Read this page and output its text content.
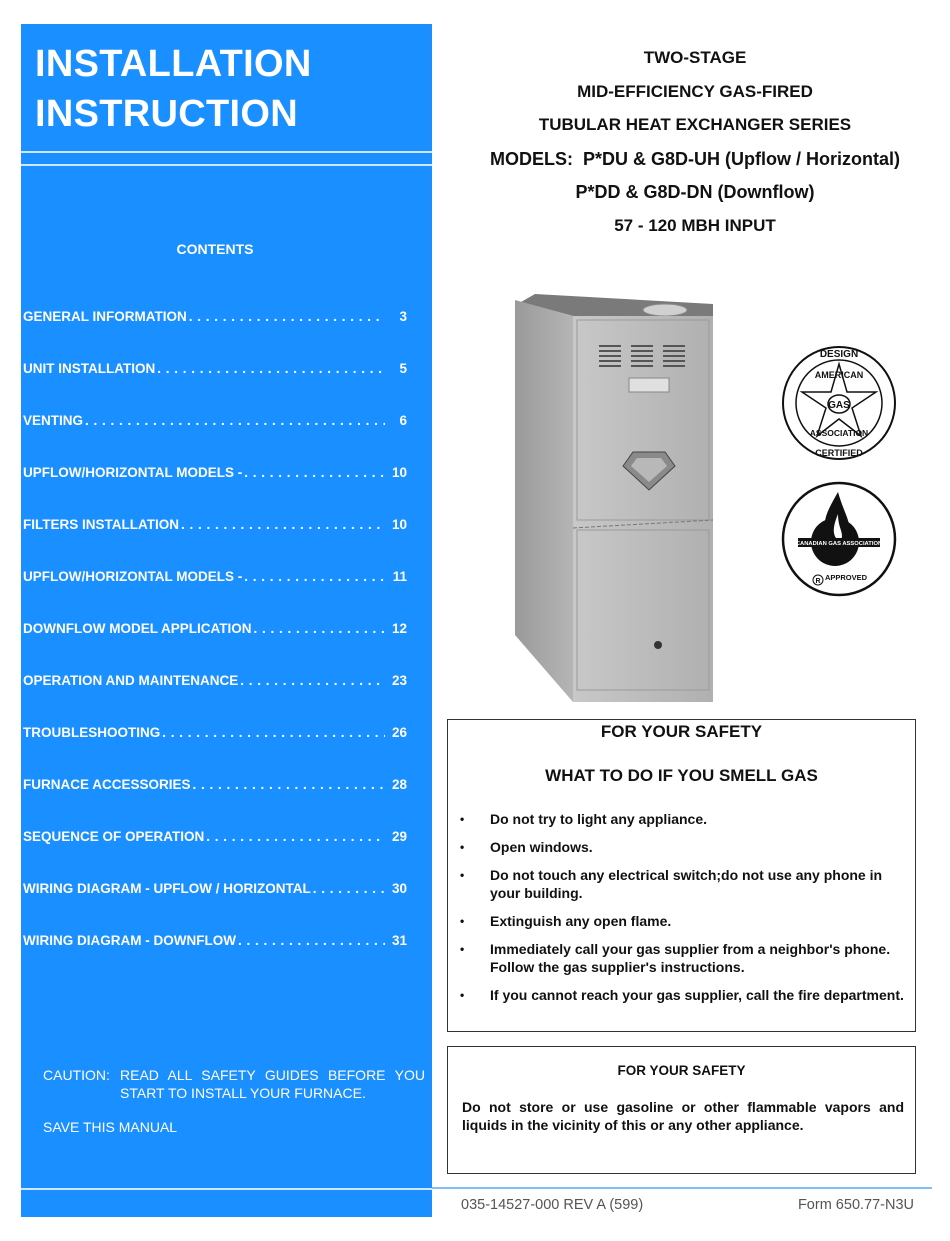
INSTALLATION
INSTRUCTION
CONTENTS
GENERAL INFORMATION . . .	3
UNIT INSTALLATION . . .	5
VENTING . . .	6
UPFLOW/HORIZONTAL MODELS - . . .	10
FILTERS INSTALLATION . . .	10
UPFLOW/HORIZONTAL MODELS - . . .	11
DOWNFLOW MODEL APPLICATION . . .	12
OPERATION AND MAINTENANCE . . .	23
TROUBLESHOOTING . . .	26
FURNACE ACCESSORIES . . .	28
SEQUENCE OF OPERATION . . .	29
WIRING DIAGRAM - UPFLOW / HORIZONTAL . . .	30
WIRING DIAGRAM - DOWNFLOW . . .	31
CAUTION: READ ALL SAFETY GUIDES BEFORE YOU START TO INSTALL YOUR FURNACE.
SAVE THIS MANUAL
TWO-STAGE
MID-EFFICIENCY GAS-FIRED
TUBULAR HEAT EXCHANGER SERIES
MODELS:  P*DU & G8D-UH (Upflow / Horizontal)
P*DD & G8D-DN (Downflow)
57 - 120 MBH INPUT
GAS
DESIGN
AMERICAN
ASSOCIATION
CERTIFIED
CANADIAN GAS ASSOCIATION
APPROVED
R
FOR YOUR SAFETY
WHAT TO DO IF YOU SMELL GAS
•	Do not try to light any appliance.
•	Open windows.
•	Do not touch any electrical switch;do not use any phone in your building.
•	Extinguish any open flame.
•	Immediately call your gas supplier from a neighbor's phone. Follow the gas supplier's instructions.
•	If you cannot reach your gas supplier, call the fire department.
FOR YOUR SAFETY
Do not store or use gasoline or other flammable vapors and liquids in the vicinity of this or any other appliance.
035-14527-000 REV A (599)	Form 650.77-N3U
